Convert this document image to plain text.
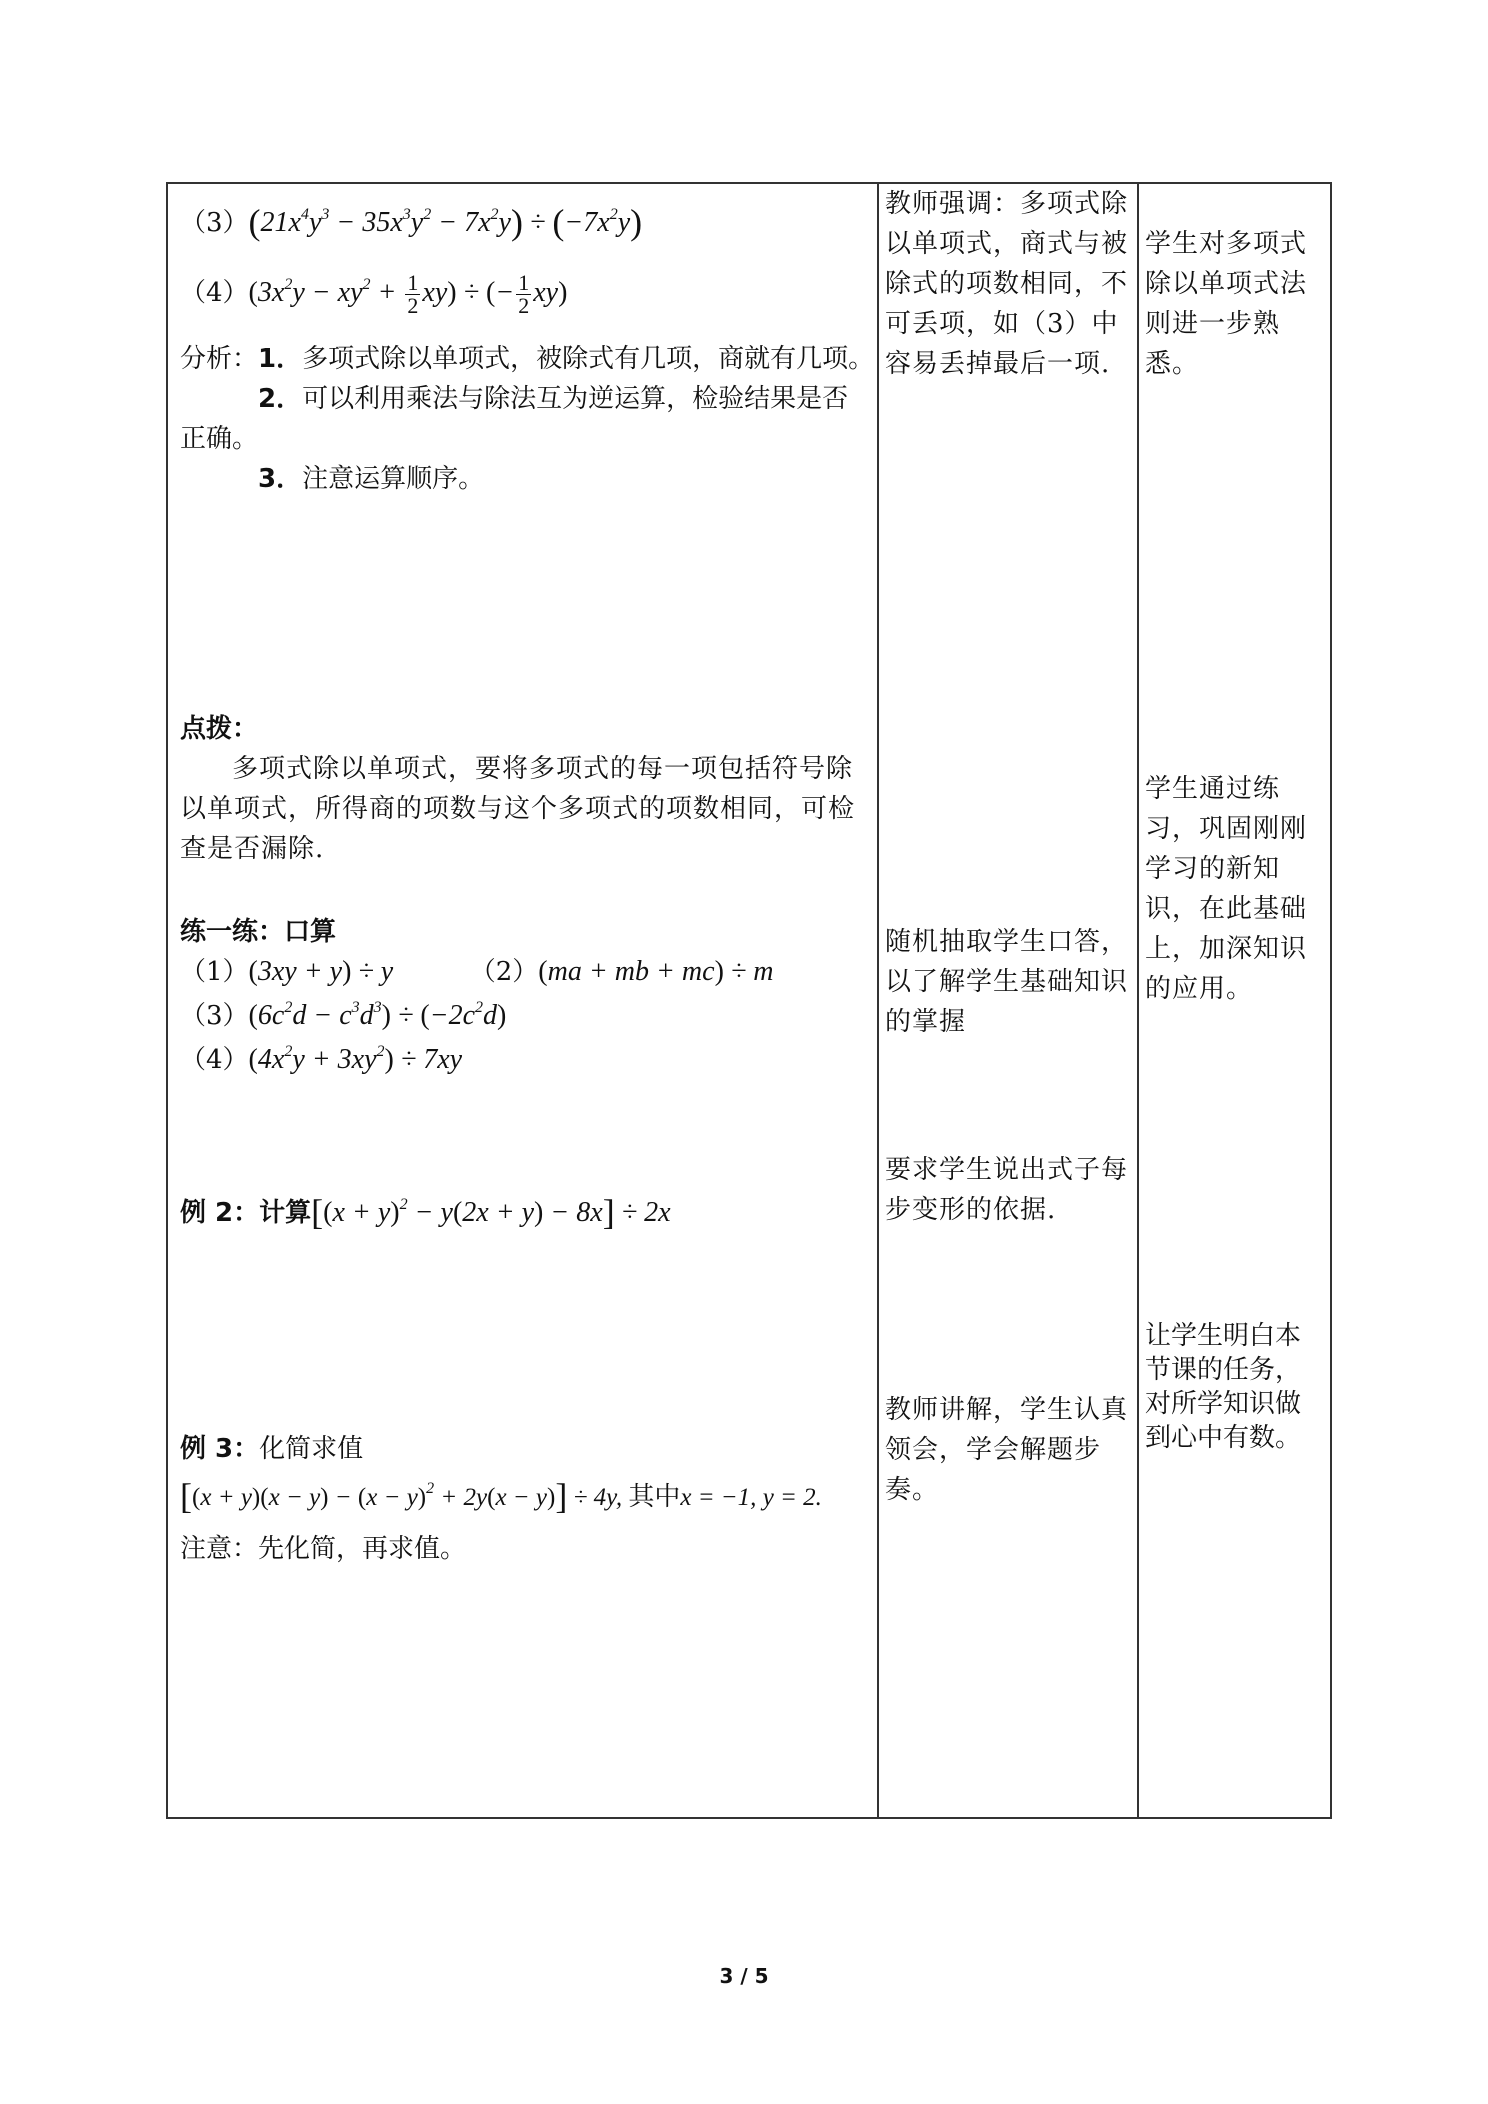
$(3)(21x^4y^3 - 35x^3y^2 - 7x^2y) \div (-7x^2y)$
$(4)(3x^2y - xy^2 + \frac{1}{2} xy)$ ÷ (− $\frac{1}{2} xy$)
分析：1．多项式除以单项式，被除式有几项，商就有几项。
2．可以利用乘法与除法互为逆运算，检验结果是否
正确。
3．注意运算顺序。
点拨：
多项式除以单项式，要将多项式的每一项包括符号除以单项式，所得商的项数与这个多项式的项数相同，可检查是否漏除.
练一练：口算
（1）(3xy + y) ÷ y	（2）(ma + mb + mc) ÷ m
$(3)(6c^2d - c^3d^3) \div (-2c^2d)$
$(4)(4x^2y + 3xy^2) \div 7xy$
例 2：计算$[(x + y)^2 - y(2x + y) - 8x] \div 2x$
例 3：化简求值
$[(x + y)(x - y) - (x - y)^2 + 2y(x - y)] \div 4y$, 其中x = −1, y = 2.
注意：先化简，再求值。
教师强调：多项式除以单项式，商式与被除式的项数相同，不可丢项，如（3）中容易丢掉最后一项.
随机抽取学生口答，以了解学生基础知识的掌握
要求学生说出式子每步变形的依据.
教师讲解，学生认真领会，学会解题步奏。
学生对多项式除以单项式法则进一步熟悉。
学生通过练习，巩固刚刚学习的新知识，在此基础上，加深知识的应用。
让学生明白本节课的任务，对所学知识做到心中有数。
3 / 5
